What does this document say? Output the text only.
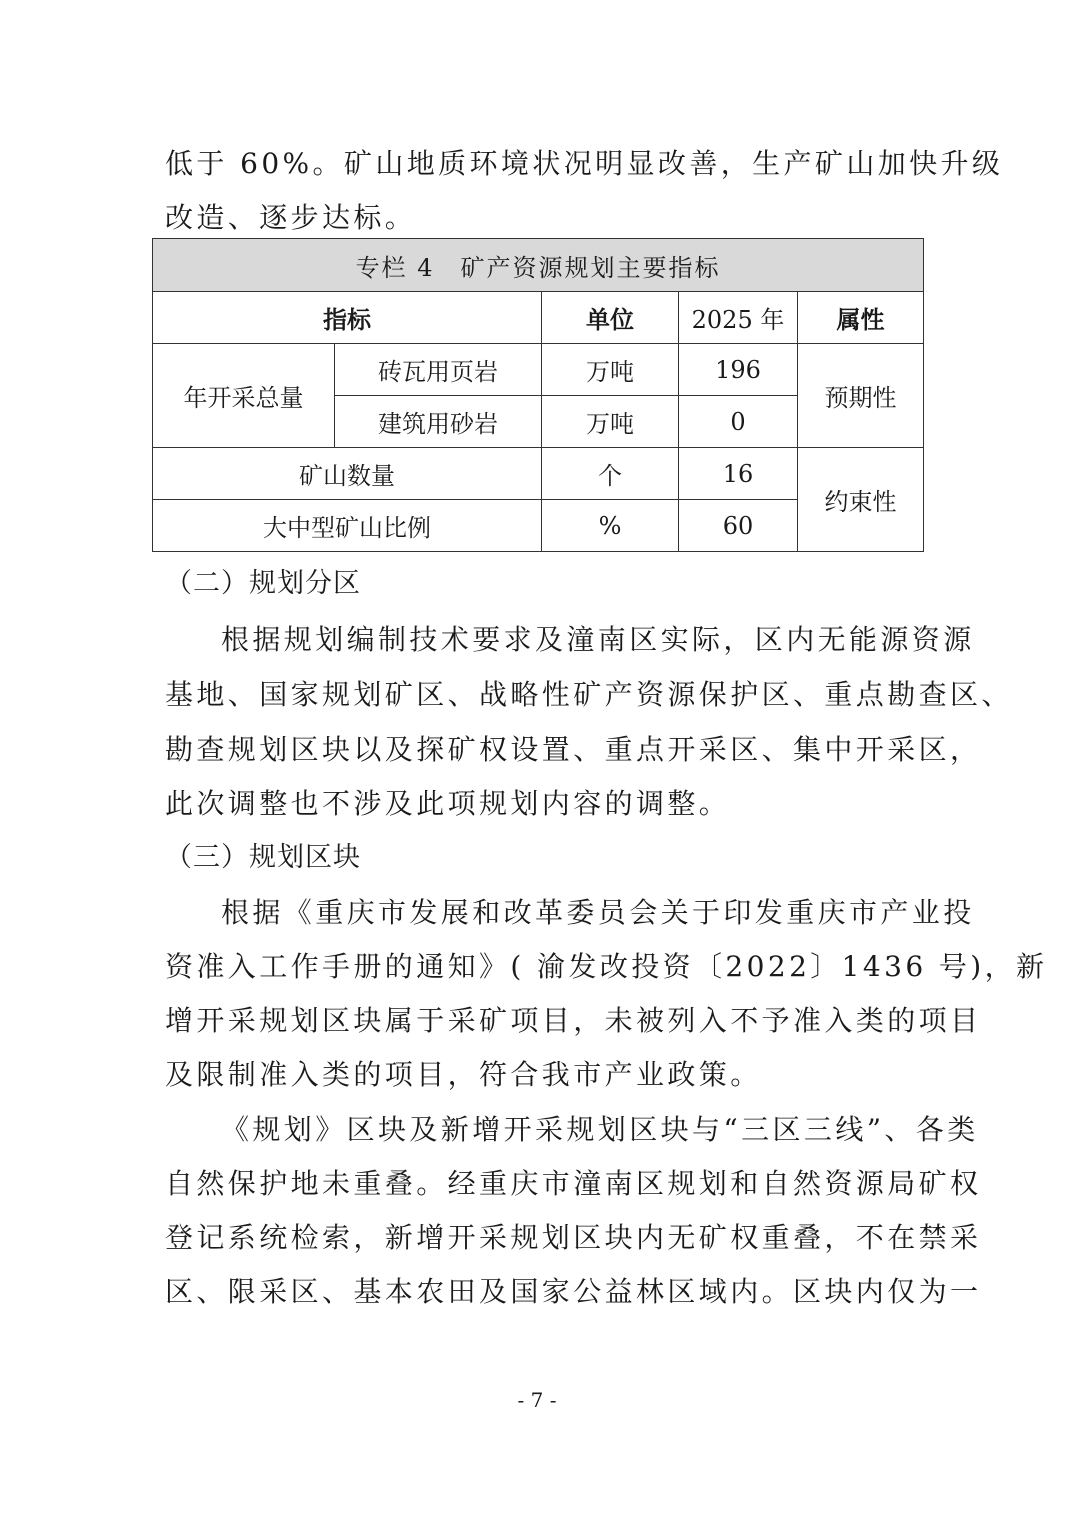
低于 60%。矿山地质环境状况明显改善，生产矿山加快升级
改造、逐步达标。
专栏 4　矿产资源规划主要指标				
指标		单位	2025 年	属性
年开采总量	砖瓦用页岩	万吨	196	预期性
	建筑用砂岩	万吨	0	
矿山数量		个	16	约束性
大中型矿山比例		%	60	
（二）规划分区
根据规划编制技术要求及潼南区实际，区内无能源资源
基地、国家规划矿区、战略性矿产资源保护区、重点勘查区、
勘查规划区块以及探矿权设置、重点开采区、集中开采区，
此次调整也不涉及此项规划内容的调整。
（三）规划区块
根据《重庆市发展和改革委员会关于印发重庆市产业投
资准入工作手册的通知》( 渝发改投资〔2022〕1436 号)，新
增开采规划区块属于采矿项目，未被列入不予准入类的项目
及限制准入类的项目，符合我市产业政策。
《规划》区块及新增开采规划区块与“三区三线”、各类
自然保护地未重叠。经重庆市潼南区规划和自然资源局矿权
登记系统检索，新增开采规划区块内无矿权重叠，不在禁采
区、限采区、基本农田及国家公益林区域内。区块内仅为一
- 7 -
